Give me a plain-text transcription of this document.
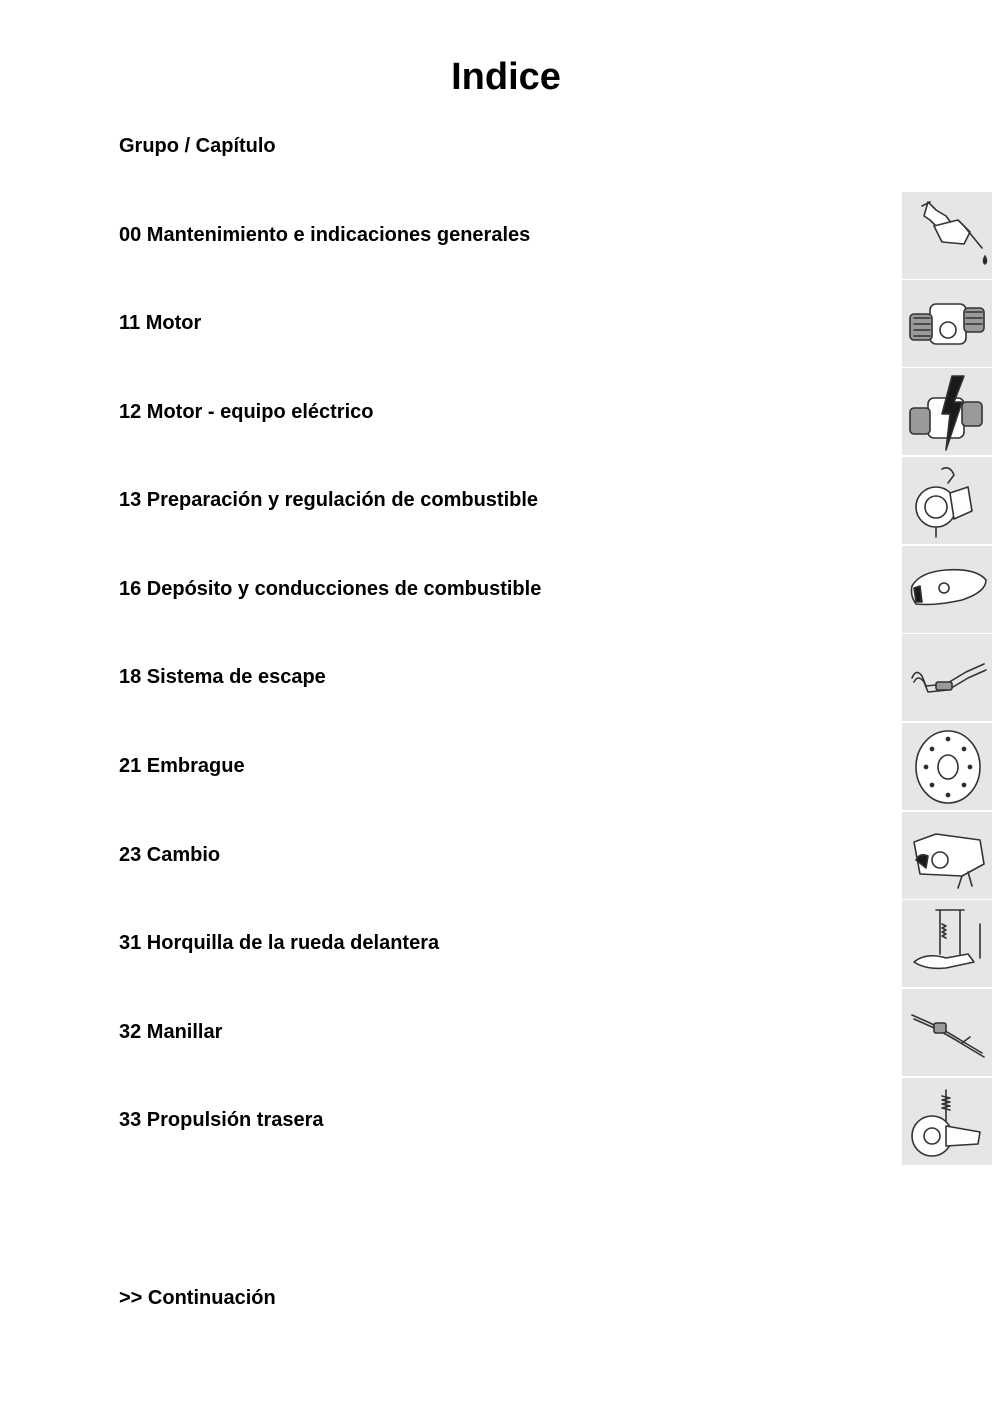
Indice
Grupo / Capítulo
00 Mantenimiento e indicaciones generales
11 Motor
12 Motor - equipo eléctrico
13 Preparación y regulación de combustible
16 Depósito y conducciones de combustible
18 Sistema de escape
21 Embrague
23 Cambio
31 Horquilla de la rueda delantera
32 Manillar
33 Propulsión trasera
>> Continuación
